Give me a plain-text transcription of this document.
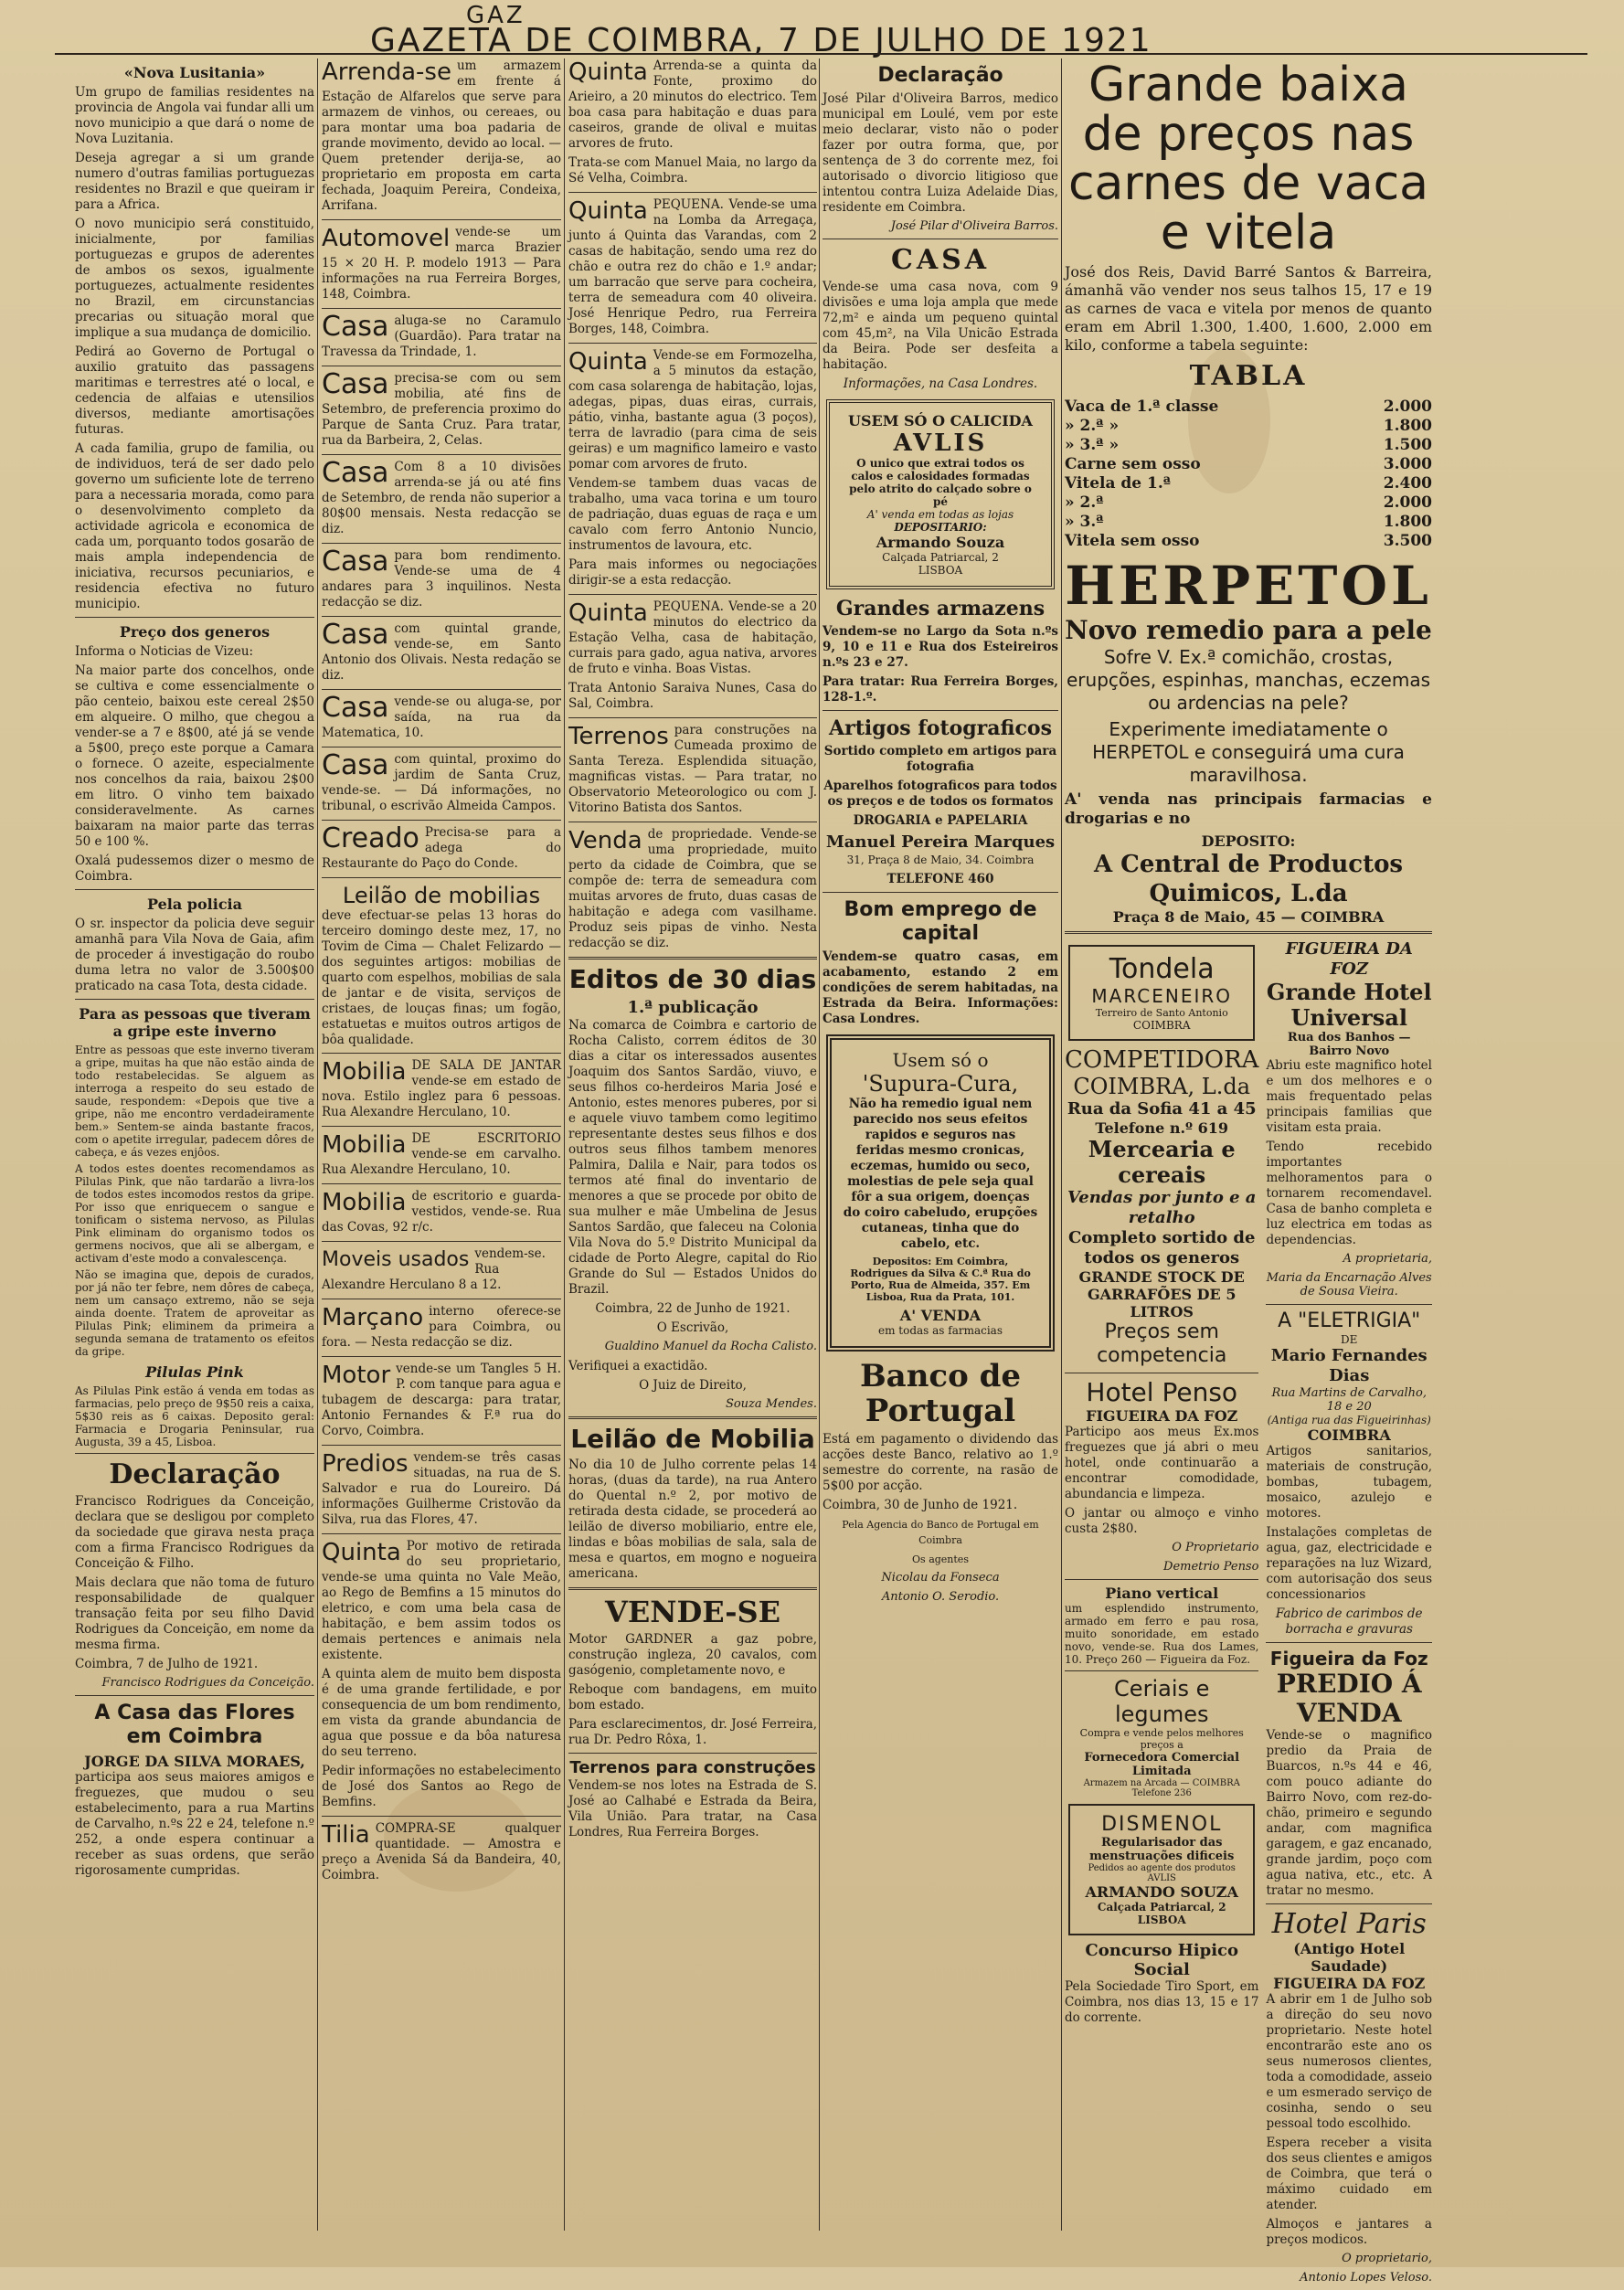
GAZ
GAZETA DE COIMBRA, 7 DE JULHO DE 1921
«Nova Lusitania»

Um grupo de familias residentes na provincia de Angola vai fundar alli um novo municipio a que dará o nome de Nova Luzitania.

Deseja agregar a si um grande numero d'outras familias portuguezas residentes no Brazil e que queiram ir para a Africa.

O novo municipio será constituido, inicialmente, por familias portuguezas e grupos de aderentes de ambos os sexos, igualmente portuguezes, actualmente residentes no Brazil, em circunstancias precarias ou situação moral que implique a sua mudança de domicilio.

Pedirá ao Governo de Portugal o auxilio gratuito das passagens maritimas e terrestres até o local, e cedencia de alfaias e utensilios diversos, mediante amortisações futuras.

A cada familia, grupo de familia, ou de individuos, terá de ser dado pelo governo um suficiente lote de terreno para a necessaria morada, como para o desenvolvimento completo da actividade agricola e economica de cada um, porquanto todos gosarão de mais ampla independencia de iniciativa, recursos pecuniarios, e residencia efectiva no futuro municipio.

Preço dos generos

Informa o Noticias de Vizeu:

Na maior parte dos concelhos, onde se cultiva e come essencialmente o pão centeio, baixou este cereal 2$50 em alqueire. O milho, que chegou a vender-se a 7 e 8$00, até já se vende a 5$00, preço este porque a Camara o fornece. O azeite, especialmente nos concelhos da raia, baixou 2$00 em litro. O vinho tem baixado consideravelmente. As carnes baixaram na maior parte das terras 50 e 100 %.

Oxalá pudessemos dizer o mesmo de Coimbra.

Pela policia

O sr. inspector da policia deve seguir amanhã para Vila Nova de Gaia, afim de proceder á investigação do roubo duma letra no valor de 3.500$00 praticado na casa Tota, desta cidade.

Para as pessoas que tiveram a gripe este inverno

Entre as pessoas que este inverno tiveram a gripe, muitas ha que não estão ainda de todo restabelecidas. Se alguem as interroga a respeito do seu estado de saude, respondem: «Depois que tive a gripe, não me encontro verdadeiramente bem.» Sentem-se ainda bastante fracos, com o apetite irregular, padecem dôres de cabeça, e ás vezes enjôos.

A todos estes doentes recomendamos as Pilulas Pink, que não tardarão a livra-los de todos estes incomodos restos da gripe. Por isso que enriquecem o sangue e tonificam o sistema nervoso, as Pilulas Pink eliminam do organismo todos os germens nocivos, que ali se albergam, e activam d'este modo a convalescença.

Não se imagina que, depois de curados, por já não ter febre, nem dôres de cabeça, nem um cansaço extremo, não se seja ainda doente. Tratem de aproveitar as Pilulas Pink; eliminem da primeira a segunda semana de tratamento os efeitos da gripe.

Pilulas Pink

As Pilulas Pink estão á venda em todas as farmacias, pelo preço de 9$50 reis a caixa, 5$30 reis as 6 caixas. Deposito geral: Farmacia e Drogaria Peninsular, rua Augusta, 39 a 45, Lisboa.

Declaração

Francisco Rodrigues da Conceição, declara que se desligou por completo da sociedade que girava nesta praça com a firma Francisco Rodrigues da Conceição & Filho.

Mais declara que não toma de futuro responsabilidade de qualquer transação feita por seu filho David Rodrigues da Conceição, em nome da mesma firma.

Coimbra, 7 de Julho de 1921.

Francisco Rodrigues da Conceição.
A Casa das Flores em Coimbra
JORGE DA SILVA MORAES,

participa aos seus maiores amigos e freguezes, que mudou o seu estabelecimento, para a rua Martins de Carvalho, n.ºs 22 e 24, telefone n.º 252, a onde espera continuar a receber as suas ordens, que serão rigorosamente cumpridas.

Arrenda-se um armazem em frente á Estação de Alfarelos que serve para armazem de vinhos, ou cereaes, ou para montar uma boa padaria de grande movimento, devido ao local. — Quem pretender derija-se, ao proprietario em proposta em carta fechada, Joaquim Pereira, Condeixa, Arrifana.

Automovel vende-se um marca Brazier 15 × 20 H. P. modelo 1913 — Para informações na rua Ferreira Borges, 148, Coimbra.

Casa aluga-se no Caramulo (Guardão). Para tratar na Travessa da Trindade, 1.

Casa precisa-se com ou sem mobilia, até fins de Setembro, de preferencia proximo do Parque de Santa Cruz. Para tratar, rua da Barbeira, 2, Celas.

Casa Com 8 a 10 divisões arrenda-se já ou até fins de Setembro, de renda não superior a 80$00 mensais. Nesta redacção se diz.

Casa para bom rendimento. Vende-se uma de 4 andares para 3 inquilinos. Nesta redacção se diz.

Casa com quintal grande, vende-se, em Santo Antonio dos Olivais. Nesta redação se diz.

Casa vende-se ou aluga-se, por saída, na rua da Matematica, 10.

Casa com quintal, proximo do jardim de Santa Cruz, vende-se. — Dá informações, no tribunal, o escrivão Almeida Campos.

Creado Precisa-se para a adega do Restaurante do Paço do Conde.

Leilão de mobilias

deve efectuar-se pelas 13 horas do terceiro domingo deste mez, 17, no Tovim de Cima — Chalet Felizardo — dos seguintes artigos: mobilias de quarto com espelhos, mobilias de sala de jantar e de visita, serviços de cristaes, de louças finas; um fogão, estatuetas e muitos outros artigos de bôa qualidade.

Mobilia DE SALA DE JANTAR vende-se em estado de nova. Estilo inglez para 6 pessoas. Rua Alexandre Herculano, 10.

Mobilia DE ESCRITORIO vende-se em carvalho. Rua Alexandre Herculano, 10.

Mobilia de escritorio e guarda-vestidos, vende-se. Rua das Covas, 92 r/c.

Moveis usados vendem-se. Rua Alexandre Herculano 8 a 12.

Marçano interno oferece-se para Coimbra, ou fora. — Nesta redacção se diz.

Motor vende-se um Tangles 5 H. P. com tanque para agua e tubagem de descarga: para tratar, Antonio Fernandes & F.ª rua do Corvo, Coimbra.

Predios vendem-se três casas situadas, na rua de S. Salvador e rua do Loureiro. Dá informações Guilherme Cristovão da Silva, rua das Flores, 47.

Quinta Por motivo de retirada do seu proprietario, vende-se uma quinta no Vale Meão, ao Rego de Bemfins a 15 minutos do eletrico, e com uma bela casa de habitação, e bem assim todos os demais pertences e animais nela existente.

A quinta alem de muito bem disposta é de uma grande fertilidade, e por consequencia de um bom rendimento, em vista da grande abundancia de agua que possue e da bôa naturesa do seu terreno.

Pedir informações no estabelecimento de José dos Santos ao Rego de Bemfins.

Tilia COMPRA-SE qualquer quantidade. — Amostra e preço a Avenida Sá da Bandeira, 40, Coimbra.

Quinta Arrenda-se a quinta da Fonte, proximo do Arieiro, a 20 minutos do electrico. Tem boa casa para habitação e duas para caseiros, grande de olival e muitas arvores de fruto.

Trata-se com Manuel Maia, no largo da Sé Velha, Coimbra.

Quinta PEQUENA. Vende-se uma na Lomba da Arregaça, junto á Quinta das Varandas, com 2 casas de habitação, sendo uma rez do chão e outra rez do chão e 1.º andar; um barracão que serve para cocheira, terra de semeadura com 40 oliveira. José Henrique Pedro, rua Ferreira Borges, 148, Coimbra.

Quinta Vende-se em Formozelha, a 5 minutos da estação, com casa solarenga de habitação, lojas, adegas, pipas, duas eiras, currais, pátio, vinha, bastante agua (3 poços), terra de lavradio (para cima de seis geiras) e um magnifico lameiro e vasto pomar com arvores de fruto.

Vendem-se tambem duas vacas de trabalho, uma vaca torina e um touro de padriação, duas eguas de raça e um cavalo com ferro Antonio Nuncio, instrumentos de lavoura, etc.

Para mais informes ou negociações dirigir-se a esta redacção.

Quinta PEQUENA. Vende-se a 20 minutos do electrico da Estação Velha, casa de habitação, currais para gado, agua nativa, arvores de fruto e vinha. Boas Vistas.

Trata Antonio Saraiva Nunes, Casa do Sal, Coimbra.

Terrenos para construções na Cumeada proximo de Santa Tereza. Esplendida situação, magnificas vistas. — Para tratar, no Observatorio Meteorologico ou com J. Vitorino Batista dos Santos.

Venda de propriedade. Vende-se uma propriedade, muito perto da cidade de Coimbra, que se compõe de: terra de semeadura com muitas arvores de fruto, duas casas de habitação e adega com vasilhame. Produz seis pipas de vinho. Nesta redacção se diz.

Editos de 30 dias
1.ª publicação

Na comarca de Coimbra e cartorio de Rocha Calisto, correm éditos de 30 dias a citar os interessados ausentes Joaquim dos Santos Sardão, viuvo, e seus filhos co-herdeiros Maria José e Antonio, estes menores puberes, por si e aquele viuvo tambem como legitimo representante destes seus filhos e dos outros seus filhos tambem menores Palmira, Dalila e Nair, para todos os termos até final do inventario de menores a que se procede por obito de sua mulher e mãe Umbelina de Jesus Santos Sardão, que faleceu na Colonia Vila Nova do 5.º Distrito Municipal da cidade de Porto Alegre, capital do Rio Grande do Sul — Estados Unidos do Brazil.

Coimbra, 22 de Junho de 1921.

O Escrivão,

Gualdino Manuel da Rocha Calisto.

Verifiquei a exactidão.

O Juiz de Direito,

Souza Mendes.
Leilão de Mobilia

No dia 10 de Julho corrente pelas 14 horas, (duas da tarde), na rua Antero do Quental n.º 2, por motivo de retirada desta cidade, se procederá ao leilão de diverso mobiliario, entre ele, lindas e bôas mobilias de sala, sala de mesa e quartos, em mogno e nogueira americana.

VENDE-SE

Motor GARDNER a gaz pobre, construção ingleza, 20 cavalos, com gasógenio, completamente novo, e

Reboque com bandagens, em muito bom estado.

Para esclarecimentos, dr. José Ferreira, rua Dr. Pedro Rôxa, 1.

Terrenos para construções

Vendem-se nos lotes na Estrada de S. José ao Calhabé e Estrada da Beira, Vila União. Para tratar, na Casa Londres, Rua Ferreira Borges.

Declaração

José Pilar d'Oliveira Barros, medico municipal em Loulé, vem por este meio declarar, visto não o poder fazer por outra forma, que, por sentença de 3 do corrente mez, foi autorisado o divorcio litigioso que intentou contra Luiza Adelaide Dias, residente em Coimbra.

José Pilar d'Oliveira Barros.
CASA

Vende-se uma casa nova, com 9 divisões e uma loja ampla que mede 72,m² e ainda um pequeno quintal com 45,m², na Vila Unicão Estrada da Beira. Pode ser desfeita a habitação.

Informações, na Casa Londres.

USEM SÓ O CALICIDA
AVLIS
O unico que extrai todos os calos e calosidades formadas pelo atrito do calçado sobre o pé
A' venda em todas as lojas
DEPOSITARIO:
Armando Souza
Calçada Patriarcal, 2
LISBOA
Grandes armazens

Vendem-se no Largo da Sota n.ºs 9, 10 e 11 e Rua dos Esteireiros n.ºs 23 e 27.

Para tratar: Rua Ferreira Borges, 128-1.º.

Artigos fotograficos

Sortido completo em artigos para fotografia

Aparelhos fotograficos para todos os preços e de todos os formatos

DROGARIA e PAPELARIA

Manuel Pereira Marques

31, Praça 8 de Maio, 34. Coimbra

TELEFONE 460

Bom emprego de capital

Vendem-se quatro casas, em acabamento, estando 2 em condições de serem habitadas, na Estrada da Beira. Informações: Casa Londres.

Usem só o
'Supura-Cura,

Não ha remedio igual nem parecido nos seus efeitos rapidos e seguros nas feridas mesmo cronicas, eczemas, humido ou seco, molestias de pele seja qual fôr a sua origem, doenças do coiro cabeludo, erupções cutaneas, tinha que do cabelo, etc.

Depositos: Em Coimbra, Rodrigues da Silva & C.ª Rua do Porto, Rua de Almeida, 357. Em Lisboa, Rua da Prata, 101.

A' VENDA
em todas as farmacias
Banco de Portugal

Está em pagamento o dividendo das acções deste Banco, relativo ao 1.º semestre do corrente, na rasão de 5$00 por acção.

Coimbra, 30 de Junho de 1921.

Pela Agencia do Banco de Portugal em Coimbra

Os agentes

Nicolau da Fonseca
Antonio O. Serodio.
Grande baixa de preços nas carnes de vaca e vitela

José dos Reis, David Barré Santos & Barreira, ámanhã vão vender nos seus talhos 15, 17 e 19 as carnes de vaca e vitela por menos de quanto eram em Abril 1.300, 1.400, 1.600, 2.000 em kilo, conforme a tabela seguinte:

TABLA
Vaca de 1.ª classe	2.000
» 2.ª »	1.800
» 3.ª »	1.500
Carne sem osso	3.000
Vitela de 1.ª	2.400
» 2.ª	2.000
» 3.ª	1.800
Vitela sem osso	3.500
HERPETOL
Novo remedio para a pele

Sofre V. Ex.ª comichão, crostas, erupções, espinhas, manchas, eczemas ou ardencias na pele?

Experimente imediatamente o HERPETOL e conseguirá uma cura maravilhosa.

A' venda nas principais farmacias e drogarias e no

DEPOSITO:
A Central de Productos Quimicos, L.da
Praça 8 de Maio, 45 — COIMBRA
Tondela
MARCENEIRO
Terreiro de Santo Antonio
COIMBRA
COMPETIDORA
COIMBRA, L.da
Rua da Sofia 41 a 45
Telefone n.º 619
Mercearia e cereais
Vendas por junto e a retalho
Completo sortido de todos os generos
GRANDE STOCK DE GARRAFÕES DE 5 LITROS
Preços sem competencia
Hotel Penso
FIGUEIRA DA FOZ

Participo aos meus Ex.mos freguezes que já abri o meu hotel, onde continuarão a encontrar comodidade, abundancia e limpeza.

O jantar ou almoço e vinho custa 2$80.

O Proprietario
Demetrio Penso
Piano vertical

um esplendido instrumento, armado em ferro e pau rosa, muito sonoridade, em estado novo, vende-se. Rua dos Lames, 10. Preço 260 — Figueira da Foz.

Ceriais e legumes
Compra e vende pelos melhores preços a
Fornecedora Comercial Limitada
Armazem na Arcada — COIMBRA Telefone 236
DISMENOL
Regularisador das menstruações dificeis
Pedidos ao agente dos produtos AVLIS
ARMANDO SOUZA
Calçada Patriarcal, 2
LISBOA
Concurso Hipico Social

Pela Sociedade Tiro Sport, em Coimbra, nos dias 13, 15 e 17 do corrente.

FIGUEIRA DA FOZ
Grande Hotel Universal
Rua dos Banhos — Bairro Novo

Abriu este magnifico hotel e um dos melhores e o mais frequentado pelas principais familias que visitam esta praia.

Tendo recebido importantes melhoramentos para o tornarem recomendavel. Casa de banho completa e luz electrica em todas as dependencias.

A proprietaria,
Maria da Encarnação Alves de Sousa Vieira.
A "ELETRIGIA"
DE
Mario Fernandes Dias
Rua Martins de Carvalho, 18 e 20
(Antiga rua das Figueirinhas)
COIMBRA

Artigos sanitarios, materiais de construção, bombas, tubagem, mosaico, azulejo e motores.

Instalações completas de agua, gaz, electricidade e reparações na luz Wizard, com autorisação dos seus concessionarios

Fabrico de carimbos de borracha e gravuras

Figueira da Foz
PREDIO Á VENDA

Vende-se o magnifico predio da Praia de Buarcos, n.ºs 44 e 46, com pouco adiante do Bairro Novo, com rez-do-chão, primeiro e segundo andar, com magnifica garagem, e gaz encanado, grande jardim, poço com agua nativa, etc., etc. A tratar no mesmo.

Hotel Paris
(Antigo Hotel Saudade)
FIGUEIRA DA FOZ

A abrir em 1 de Julho sob a direção do seu novo proprietario. Neste hotel encontrarão este ano os seus numerosos clientes, toda a comodidade, asseio e um esmerado serviço de cosinha, sendo o seu pessoal todo escolhido.

Espera receber a visita dos seus clientes e amigos de Coimbra, que terá o máximo cuidado em atender.

Almoços e jantares a preços modicos.

O proprietario,
Antonio Lopes Veloso.
